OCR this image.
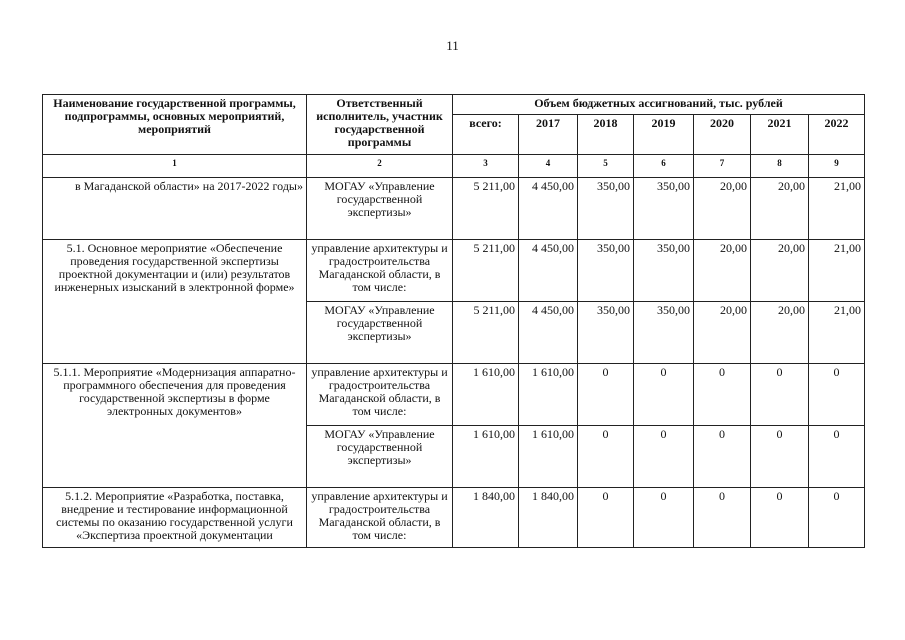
11
Наименование государственной программы, подпрограммы, основных мероприятий, мероприятий	Ответственный исполнитель, участник государственной программы	Объем бюджетных ассигнований, тыс. рублей						
		всего:	2017	2018	2019	2020	2021	2022
1	2	3	4	5	6	7	8	9
в Магаданской области» на 2017-2022 годы»	МОГАУ «Управление государственной экспертизы»	5 211,00	4 450,00	350,00	350,00	20,00	20,00	21,00
5.1. Основное мероприятие «Обеспечение проведения государственной экспертизы проектной документации и (или) результатов инженерных изысканий в электронной форме»	управление архитектуры и градостроительства Магаданской области, в том числе:	5 211,00	4 450,00	350,00	350,00	20,00	20,00	21,00
	МОГАУ «Управление государственной экспертизы»	5 211,00	4 450,00	350,00	350,00	20,00	20,00	21,00
5.1.1. Мероприятие «Модернизация аппаратно-программного обеспечения для проведения государственной экспертизы в форме электронных документов»	управление архитектуры и градостроительства Магаданской области, в том числе:	1 610,00	1 610,00	0	0	0	0	0
	МОГАУ «Управление государственной экспертизы»	1 610,00	1 610,00	0	0	0	0	0
5.1.2. Мероприятие «Разработка, поставка, внедрение и тестирование информационной системы по оказанию государственной услуги «Экспертиза проектной документации	управление архитектуры и градостроительства Магаданской области, в том числе:	1 840,00	1 840,00	0	0	0	0	0
